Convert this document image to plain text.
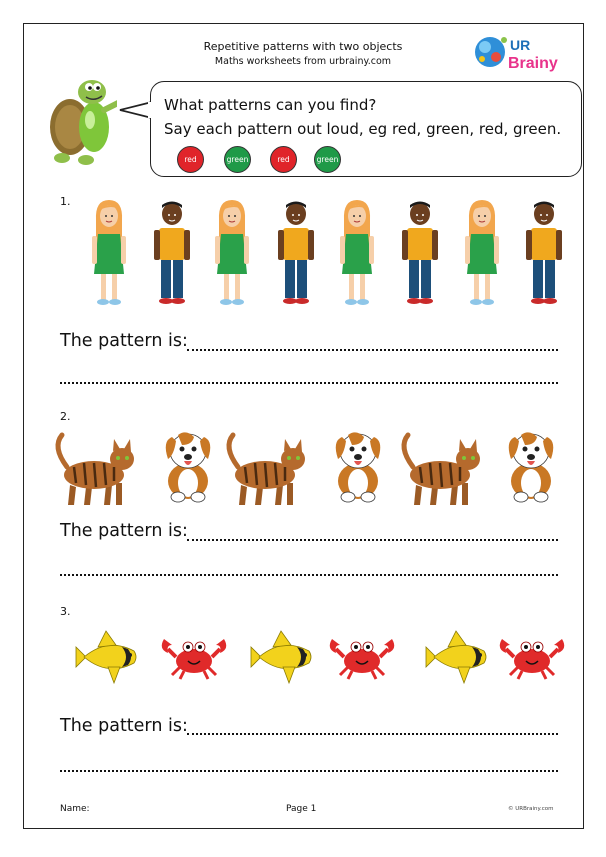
Repetitive patterns with two objects
Maths worksheets from urbrainy.com
UR
Brainy
What patterns can you find?
Say each pattern out loud, eg red, green, red, green.
red	green	red	green
1.
The pattern is:
2.
The pattern is:
3.
The pattern is:
Name:	Page 1	© URBrainy.com
